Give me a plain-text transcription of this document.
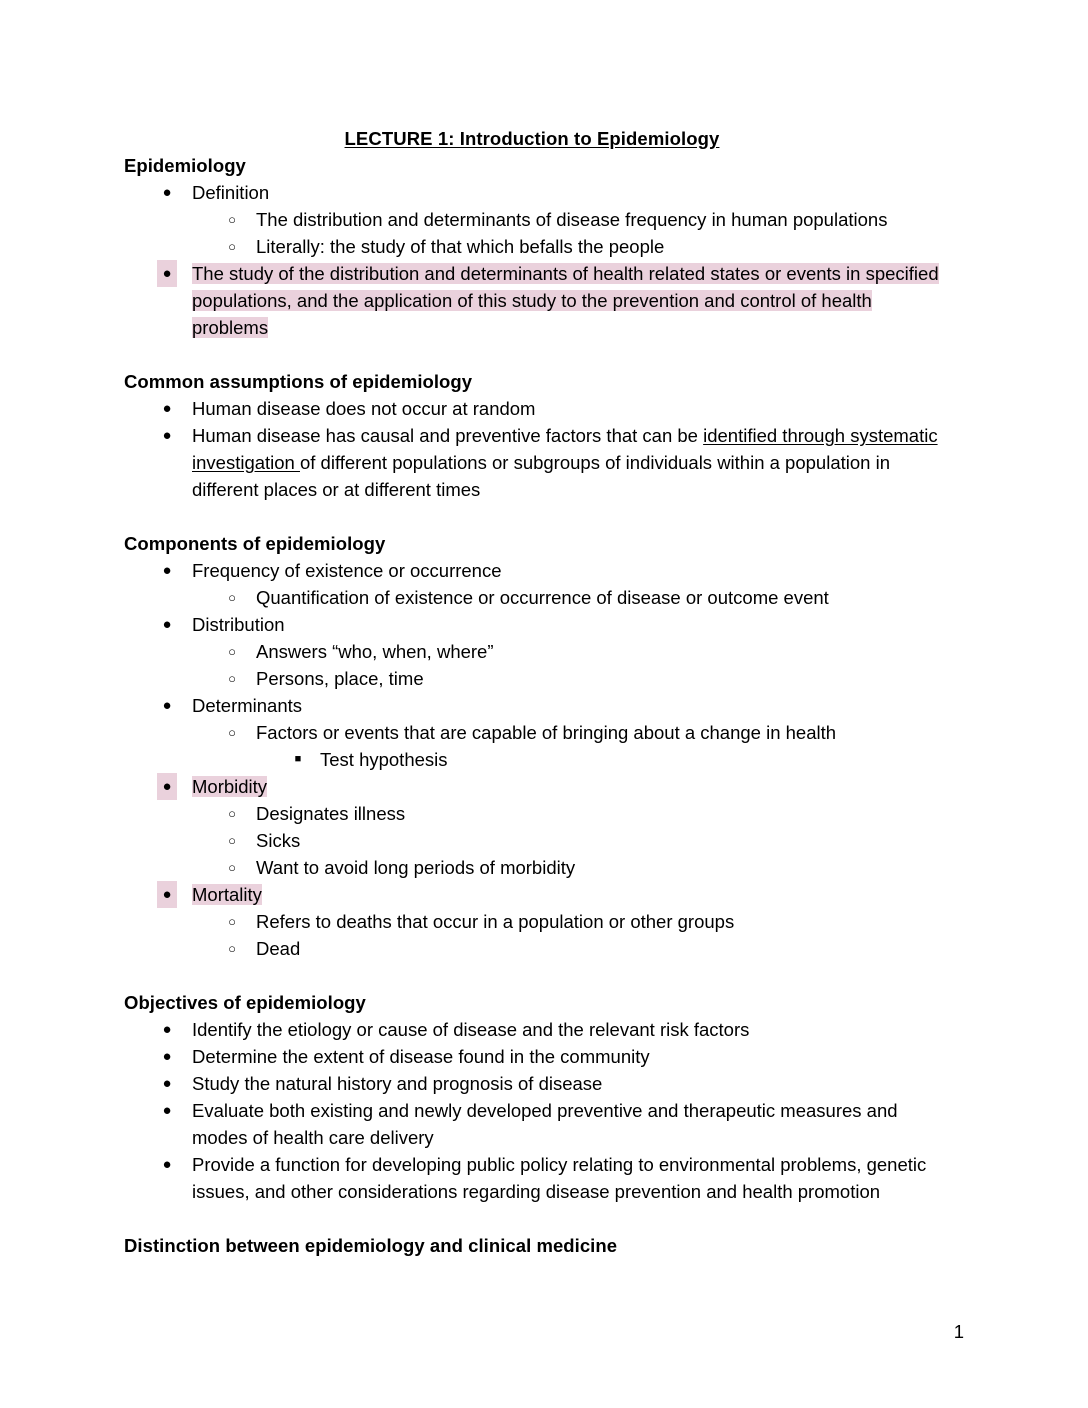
LECTURE 1: Introduction to Epidemiology
Epidemiology
● Definition
○ The distribution and determinants of disease frequency in human populations
○ Literally: the study of that which befalls the people
● The study of the distribution and determinants of health related states or events in specified populations, and the application of this study to the prevention and control of health problems
Common assumptions of epidemiology
● Human disease does not occur at random
● Human disease has causal and preventive factors that can be identified through systematic investigation of different populations or subgroups of individuals within a population in different places or at different times
Components of epidemiology
● Frequency of existence or occurrence
○ Quantification of existence or occurrence of disease or outcome event
● Distribution
○ Answers “who, when, where”
○ Persons, place, time
● Determinants
○ Factors or events that are capable of bringing about a change in health
■ Test hypothesis
● Morbidity
○ Designates illness
○ Sicks
○ Want to avoid long periods of morbidity
● Mortality
○ Refers to deaths that occur in a population or other groups
○ Dead
Objectives of epidemiology
● Identify the etiology or cause of disease and the relevant risk factors
● Determine the extent of disease found in the community
● Study the natural history and prognosis of disease
● Evaluate both existing and newly developed preventive and therapeutic measures and modes of health care delivery
● Provide a function for developing public policy relating to environmental problems, genetic issues, and other considerations regarding disease prevention and health promotion
Distinction between epidemiology and clinical medicine
1
